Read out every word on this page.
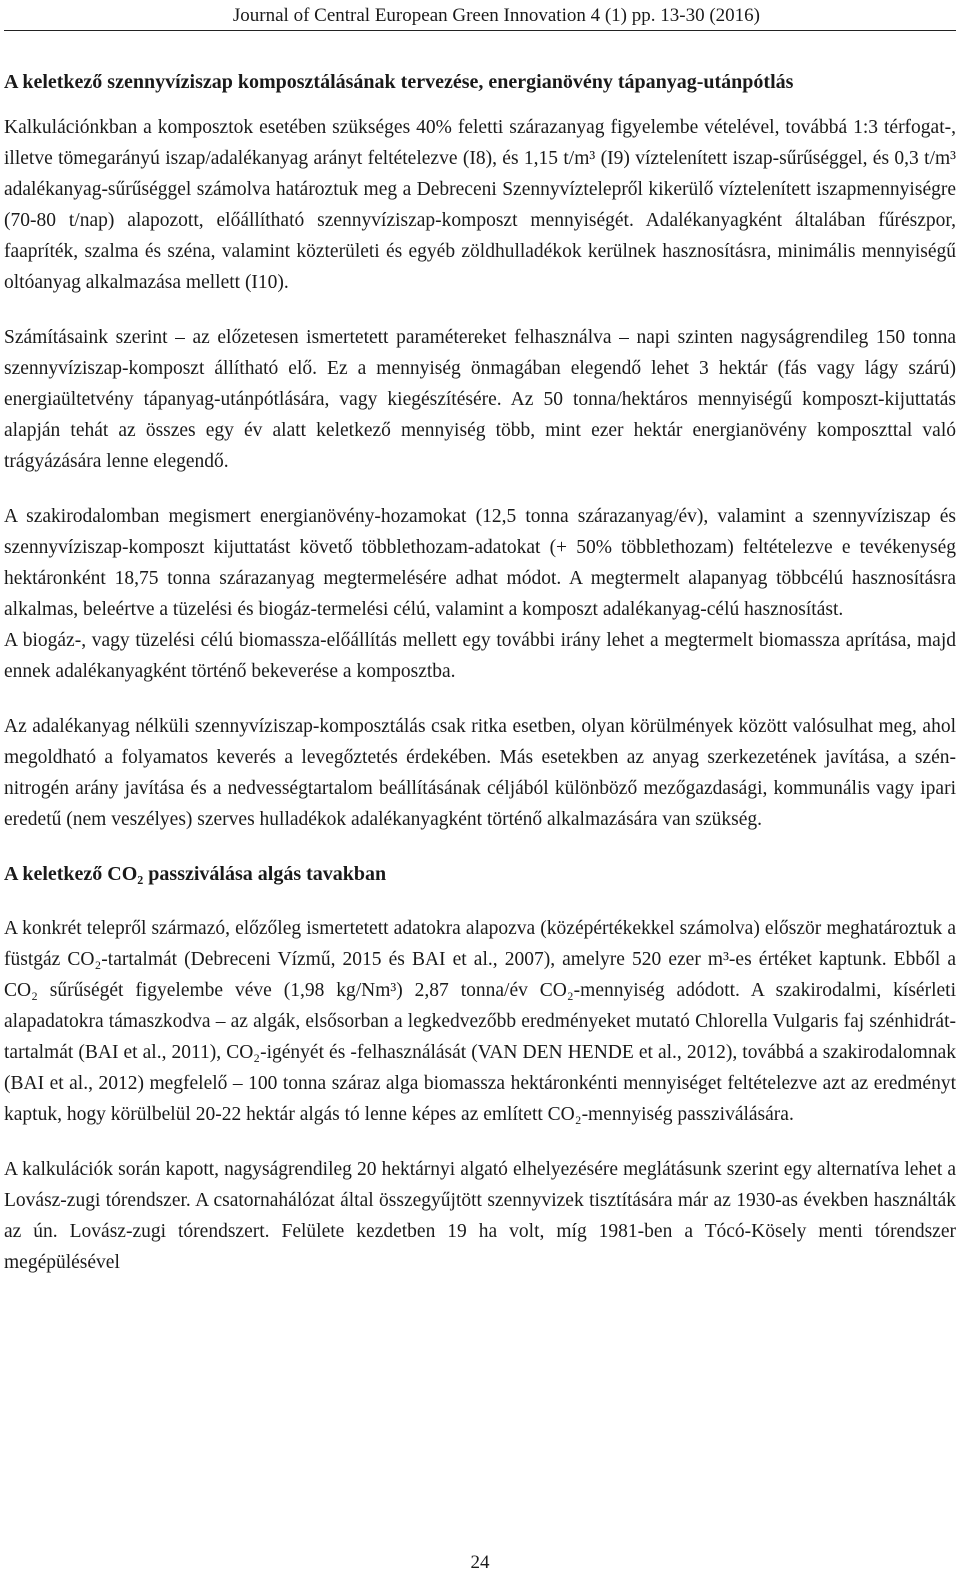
Journal of Central European Green Innovation 4 (1) pp. 13-30 (2016)
A keletkező szennyvíziszap komposztálásának tervezése, energianövény tápanyag-utánpótlás

Kalkulációnkban a komposztok esetében szükséges 40% feletti szárazanyag figyelembe vételével, továbbá 1:3 térfogat-, illetve tömegarányú iszap/adalékanyag arányt feltételezve (I8), és 1,15 t/m³ (I9) víztelenített iszap-sűrűséggel, és 0,3 t/m³ adalékanyag-sűrűséggel számolva határoztuk meg a Debreceni Szennyvíztelepről kikerülő víztelenített iszapmennyiségre (70-80 t/nap) alapozott, előállítható szennyvíziszap-komposzt mennyiségét. Adalékanyagként általában fűrészpor, faapríték, szalma és széna, valamint közterületi és egyéb zöldhulladékok kerülnek hasznosításra, minimális mennyiségű oltóanyag alkalmazása mellett (I10).

Számításaink szerint – az előzetesen ismertetett paramétereket felhasználva – napi szinten nagyságrendileg 150 tonna szennyvíziszap-komposzt állítható elő. Ez a mennyiség önmagában elegendő lehet 3 hektár (fás vagy lágy szárú) energiaültetvény tápanyag-utánpótlására, vagy kiegészítésére. Az 50 tonna/hektáros mennyiségű komposzt-kijuttatás alapján tehát az összes egy év alatt keletkező mennyiség több, mint ezer hektár energianövény komposzttal való trágyázására lenne elegendő.

A szakirodalomban megismert energianövény-hozamokat (12,5 tonna szárazanyag/év), valamint a szennyvíziszap és szennyvíziszap-komposzt kijuttatást követő többlethozam-adatokat (+ 50% többlethozam) feltételezve e tevékenység hektáronként 18,75 tonna szárazanyag megtermelésére adhat módot. A megtermelt alapanyag többcélú hasznosításra alkalmas, beleértve a tüzelési és biogáz-termelési célú, valamint a komposzt adalékanyag-célú hasznosítást.

A biogáz-, vagy tüzelési célú biomassza-előállítás mellett egy további irány lehet a megtermelt biomassza aprítása, majd ennek adalékanyagként történő bekeverése a komposztba.

Az adalékanyag nélküli szennyvíziszap-komposztálás csak ritka esetben, olyan körülmények között valósulhat meg, ahol megoldható a folyamatos keverés a levegőztetés érdekében. Más esetekben az anyag szerkezetének javítása, a szén-nitrogén arány javítása és a nedvességtartalom beállításának céljából különböző mezőgazdasági, kommunális vagy ipari eredetű (nem veszélyes) szerves hulladékok adalékanyagként történő alkalmazására van szükség.

A keletkező CO₂ passziválása algás tavakban

A konkrét telepről származó, előzőleg ismertetett adatokra alapozva (középértékekkel számolva) először meghatároztuk a füstgáz CO₂-tartalmát (Debreceni Vízmű, 2015 és BAI et al., 2007), amelyre 520 ezer m³-es értéket kaptunk. Ebből a CO₂ sűrűségét figyelembe véve (1,98 kg/Nm³) 2,87 tonna/év CO₂-mennyiség adódott. A szakirodalmi, kísérleti alapadatokra támaszkodva – az algák, elsősorban a legkedvezőbb eredményeket mutató Chlorella Vulgaris faj szénhidrát-tartalmát (BAI et al., 2011), CO₂-igényét és -felhasználását (VAN DEN HENDE et al., 2012), továbbá a szakirodalomnak (BAI et al., 2012) megfelelő – 100 tonna száraz alga biomassza hektáronkénti mennyiséget feltételezve azt az eredményt kaptuk, hogy körülbelül 20-22 hektár algás tó lenne képes az említett CO₂-mennyiség passziválására.

A kalkulációk során kapott, nagyságrendileg 20 hektárnyi algató elhelyezésére meglátásunk szerint egy alternatíva lehet a Lovász-zugi tórendszer. A csatornahálózat által összegyűjtött szennyvizek tisztítására már az 1930-as években használták az ún. Lovász-zugi tórendszert. Felülete kezdetben 19 ha volt, míg 1981-ben a Tócó-Kösely menti tórendszer megépülésével

24
